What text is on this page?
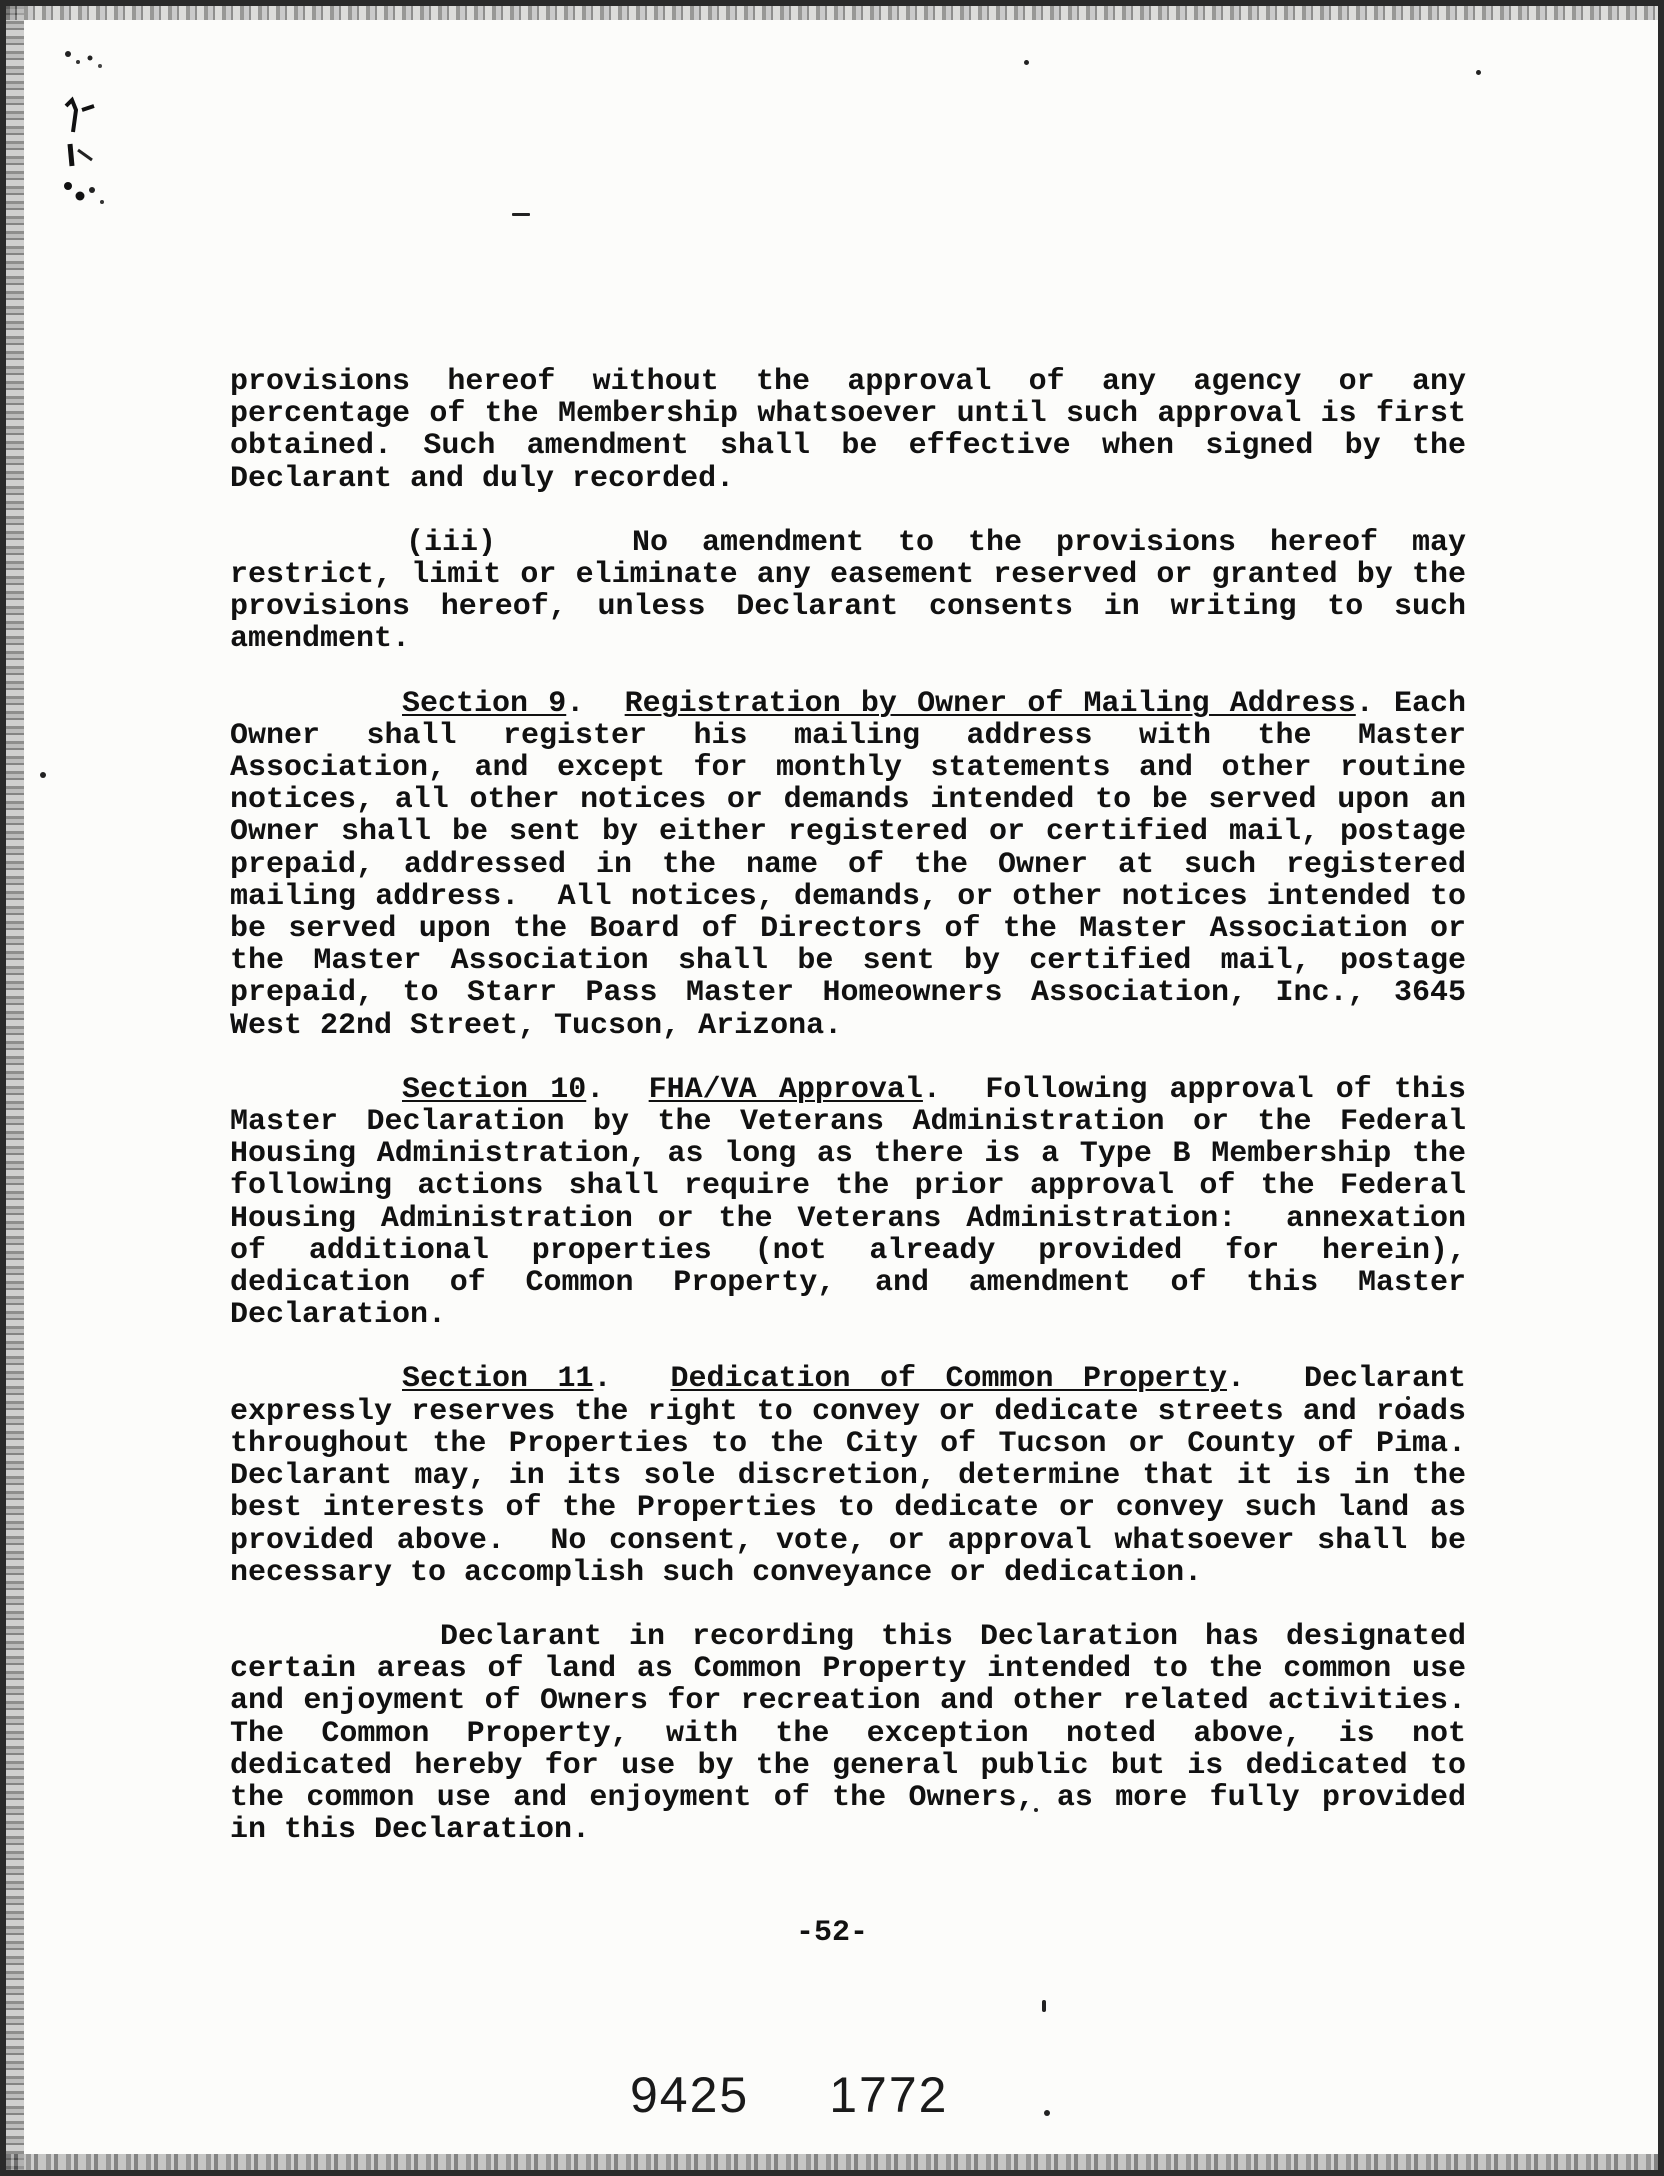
provisions hereof without the approval of any agency or any percentage of the Membership whatsoever until such approval is first obtained. Such amendment shall be effective when signed by the Declarant and duly recorded.

(iii)    No amendment to the provisions hereof may restrict, limit or eliminate any easement reserved or granted by the provisions hereof, unless Declarant consents in writing to such amendment.

Section 9.  Registration by Owner of Mailing Address. Each Owner shall register his mailing address with the Master Association, and except for monthly statements and other routine notices, all other notices or demands intended to be served upon an Owner shall be sent by either registered or certified mail, postage prepaid, addressed in the name of the Owner at such registered mailing address.  All notices, demands, or other notices intended to be served upon the Board of Directors of the Master Association or the Master Association shall be sent by certified mail, postage prepaid, to Starr Pass Master Homeowners Association, Inc., 3645 West 22nd Street, Tucson, Arizona.

Section 10.  FHA/VA Approval.  Following approval of this Master Declaration by the Veterans Administration or the Federal Housing Administration, as long as there is a Type B Membership the following actions shall require the prior approval of the Federal Housing Administration or the Veterans Administration:  annexation of additional properties (not already provided for herein), dedication of Common Property, and amendment of this Master Declaration.

Section 11.  Dedication of Common Property.  Declarant expressly reserves the right to convey or dedicate streets and roads throughout the Properties to the City of Tucson or County of Pima.  Declarant may, in its sole discretion, determine that it is in the best interests of the Properties to dedicate or convey such land as provided above.  No consent, vote, or approval whatsoever shall be necessary to accomplish such conveyance or dedication.

Declarant in recording this Declaration has designated certain areas of land as Common Property intended to the common use and enjoyment of Owners for recreation and other related activities.  The Common Property, with the exception noted above, is not dedicated hereby for use by the general public but is dedicated to the common use and enjoyment of the Owners, as more fully provided in this Declaration.

-52-
9425 1772
